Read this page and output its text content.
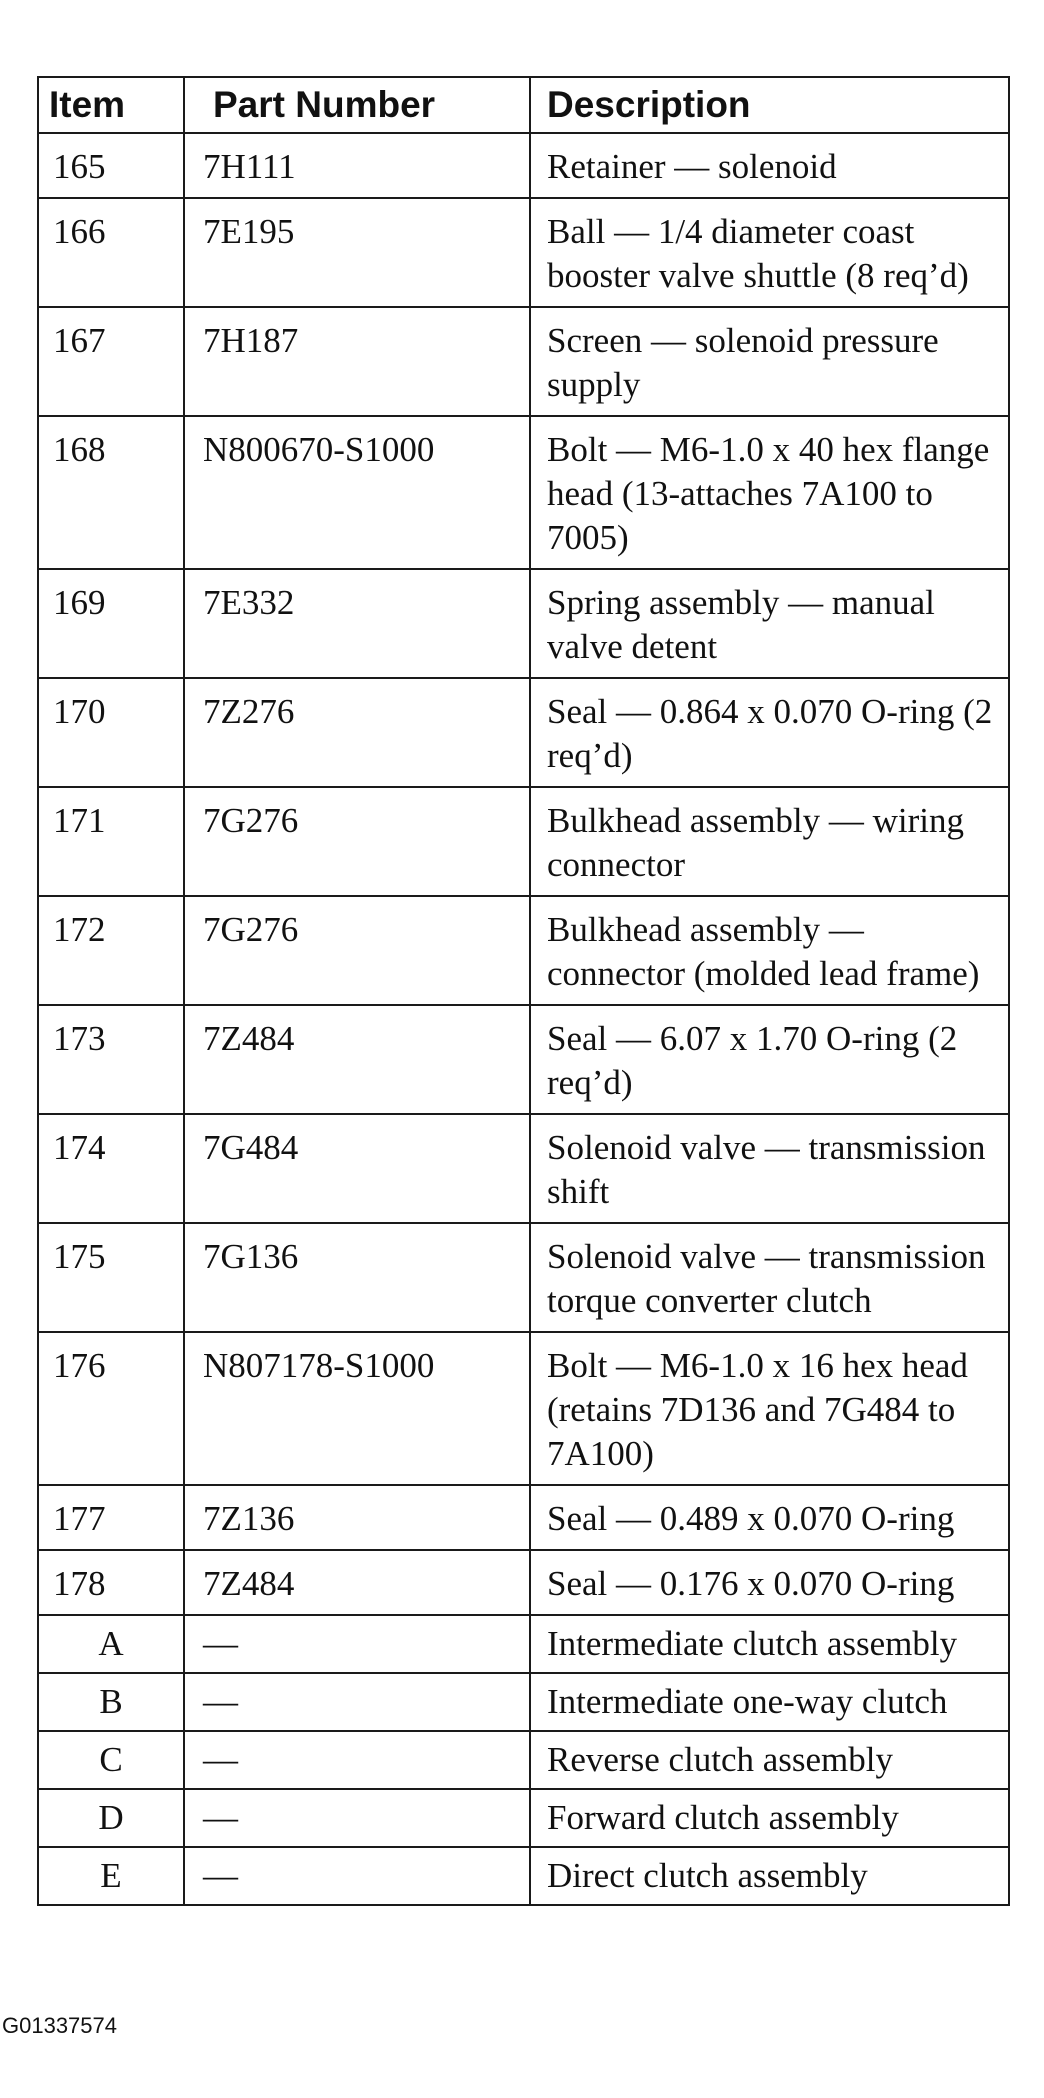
Item	Part Number	Description
165	7H111	Retainer — solenoid
166	7E195	Ball — 1/4 diameter coast booster valve shuttle (8 req’d)
167	7H187	Screen — solenoid pressure supply
168	N800670-S1000	Bolt — M6-1.0 x 40 hex flange head (13-attaches 7A100 to 7005)
169	7E332	Spring assembly — manual valve detent
170	7Z276	Seal — 0.864 x 0.070 O-ring (2 req’d)
171	7G276	Bulkhead assembly — wiring connector
172	7G276	Bulkhead assembly — connector (molded lead frame)
173	7Z484	Seal — 6.07 x 1.70 O-ring (2 req’d)
174	7G484	Solenoid valve — transmission shift
175	7G136	Solenoid valve — transmission torque converter clutch
176	N807178-S1000	Bolt — M6-1.0 x 16 hex head (retains 7D136 and 7G484 to 7A100)
177	7Z136	Seal — 0.489 x 0.070 O-ring
178	7Z484	Seal — 0.176 x 0.070 O-ring
A	—	Intermediate clutch assembly
B	—	Intermediate one-way clutch
C	—	Reverse clutch assembly
D	—	Forward clutch assembly
E	—	Direct clutch assembly
G01337574
